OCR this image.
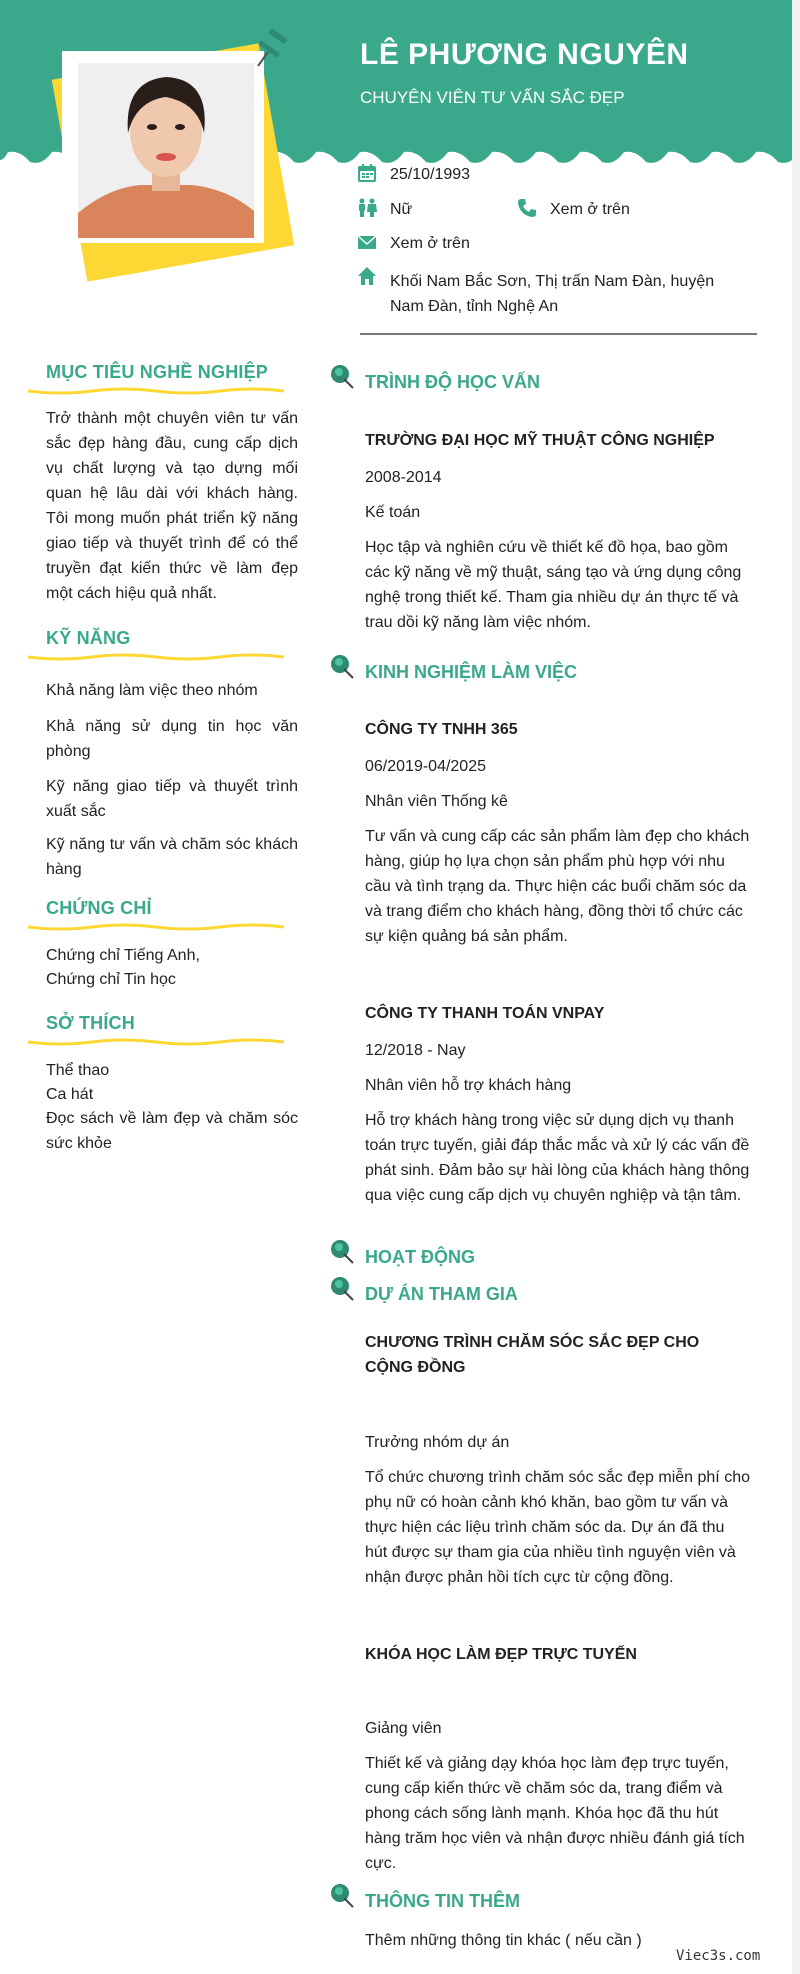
LÊ PHƯƠNG NGUYÊN
CHUYÊN VIÊN TƯ VẤN SẮC ĐẸP
25/10/1993
Nữ	Xem ở trên
Xem ở trên
Khối Nam Bắc Sơn, Thị trấn Nam Đàn, huyện Nam Đàn, tỉnh Nghệ An
MỤC TIÊU NGHỀ NGHIỆP
Trở thành một chuyên viên tư vấn sắc đẹp hàng đầu, cung cấp dịch vụ chất lượng và tạo dựng mối quan hệ lâu dài với khách hàng. Tôi mong muốn phát triển kỹ năng giao tiếp và thuyết trình để có thể truyền đạt kiến thức về làm đẹp một cách hiệu quả nhất.
KỸ NĂNG
Khả năng làm việc theo nhóm
Khả năng sử dụng tin học văn phòng
Kỹ năng giao tiếp và thuyết trình xuất sắc
Kỹ năng tư vấn và chăm sóc khách hàng
CHỨNG CHỈ
Chứng chỉ Tiếng Anh,
Chứng chỉ Tin học
SỞ THÍCH
Thể thao
Ca hát
Đọc sách về làm đẹp và chăm sóc sức khỏe
TRÌNH ĐỘ HỌC VẤN
TRƯỜNG ĐẠI HỌC MỸ THUẬT CÔNG NGHIỆP
2008-2014
Kế toán
Học tập và nghiên cứu về thiết kế đồ họa, bao gồm các kỹ năng về mỹ thuật, sáng tạo và ứng dụng công nghệ trong thiết kế. Tham gia nhiều dự án thực tế và trau dồi kỹ năng làm việc nhóm.
KINH NGHIỆM LÀM VIỆC
CÔNG TY TNHH 365
06/2019-04/2025
Nhân viên Thống kê
Tư vấn và cung cấp các sản phẩm làm đẹp cho khách hàng, giúp họ lựa chọn sản phẩm phù hợp với nhu cầu và tình trạng da. Thực hiện các buổi chăm sóc da và trang điểm cho khách hàng, đồng thời tổ chức các sự kiện quảng bá sản phẩm.
CÔNG TY THANH TOÁN VNPAY
12/2018 - Nay
Nhân viên hỗ trợ khách hàng
Hỗ trợ khách hàng trong việc sử dụng dịch vụ thanh toán trực tuyến, giải đáp thắc mắc và xử lý các vấn đề phát sinh. Đảm bảo sự hài lòng của khách hàng thông qua việc cung cấp dịch vụ chuyên nghiệp và tận tâm.
HOẠT ĐỘNG
DỰ ÁN THAM GIA
CHƯƠNG TRÌNH CHĂM SÓC SẮC ĐẸP CHO CỘNG ĐỒNG
Trưởng nhóm dự án
Tổ chức chương trình chăm sóc sắc đẹp miễn phí cho phụ nữ có hoàn cảnh khó khăn, bao gồm tư vấn và thực hiện các liệu trình chăm sóc da. Dự án đã thu hút được sự tham gia của nhiều tình nguyện viên và nhận được phản hồi tích cực từ cộng đồng.
KHÓA HỌC LÀM ĐẸP TRỰC TUYẾN
Giảng viên
Thiết kế và giảng dạy khóa học làm đẹp trực tuyến, cung cấp kiến thức về chăm sóc da, trang điểm và phong cách sống lành mạnh. Khóa học đã thu hút hàng trăm học viên và nhận được nhiều đánh giá tích cực.
THÔNG TIN THÊM
Thêm những thông tin khác ( nếu cần )
Viec3s.com
